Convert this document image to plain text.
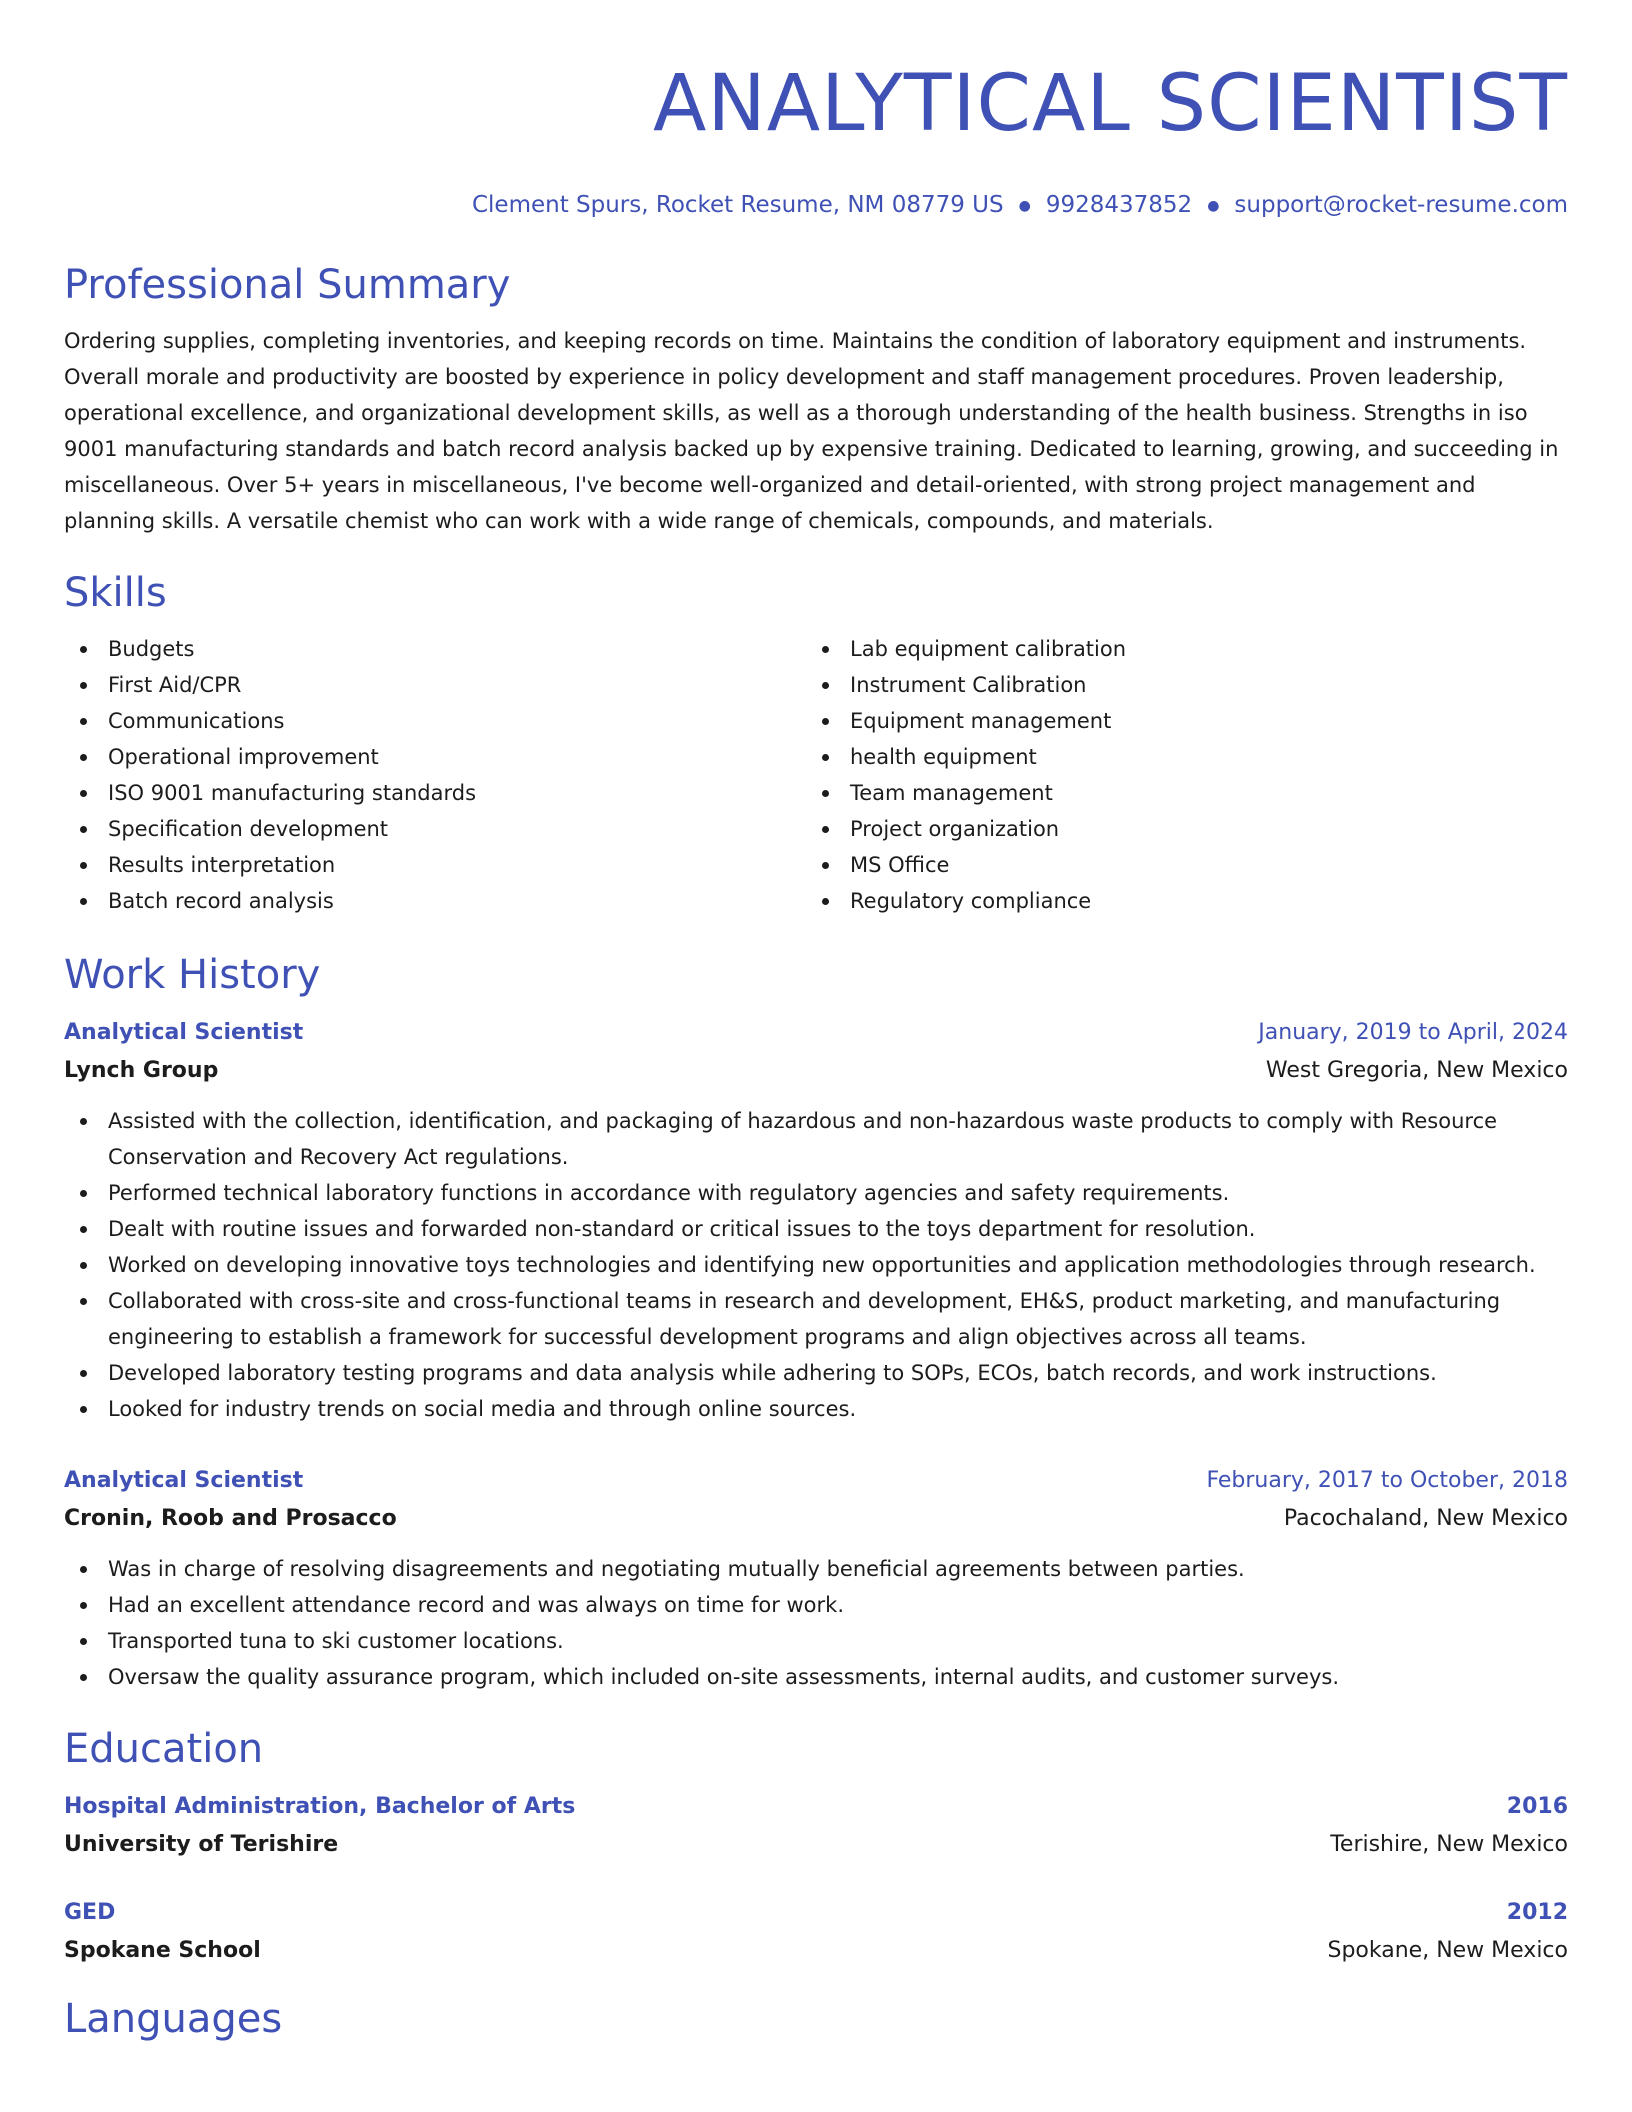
ANALYTICAL SCIENTIST
Clement Spurs, Rocket Resume, NM 08779 US ● 9928437852 ● support@rocket-resume.com
Professional Summary
Ordering supplies, completing inventories, and keeping records on time. Maintains the condition of laboratory equipment and instruments. Overall morale and productivity are boosted by experience in policy development and staff management procedures. Proven leadership, operational excellence, and organizational development skills, as well as a thorough understanding of the health business. Strengths in iso 9001 manufacturing standards and batch record analysis backed up by expensive training. Dedicated to learning, growing, and succeeding in miscellaneous. Over 5+ years in miscellaneous, I've become well-organized and detail-oriented, with strong project management and planning skills. A versatile chemist who can work with a wide range of chemicals, compounds, and materials.
Skills
Budgets
First Aid/CPR
Communications
Operational improvement
ISO 9001 manufacturing standards
Specification development
Results interpretation
Batch record analysis
Lab equipment calibration
Instrument Calibration
Equipment management
health equipment
Team management
Project organization
MS Office
Regulatory compliance
Work History
Analytical Scientist	January, 2019 to April, 2024
Lynch Group	West Gregoria, New Mexico
Assisted with the collection, identification, and packaging of hazardous and non-hazardous waste products to comply with Resource Conservation and Recovery Act regulations.
Performed technical laboratory functions in accordance with regulatory agencies and safety requirements.
Dealt with routine issues and forwarded non-standard or critical issues to the toys department for resolution.
Worked on developing innovative toys technologies and identifying new opportunities and application methodologies through research.
Collaborated with cross-site and cross-functional teams in research and development, EH&S, product marketing, and manufacturing engineering to establish a framework for successful development programs and align objectives across all teams.
Developed laboratory testing programs and data analysis while adhering to SOPs, ECOs, batch records, and work instructions.
Looked for industry trends on social media and through online sources.
Analytical Scientist	February, 2017 to October, 2018
Cronin, Roob and Prosacco	Pacochaland, New Mexico
Was in charge of resolving disagreements and negotiating mutually beneficial agreements between parties.
Had an excellent attendance record and was always on time for work.
Transported tuna to ski customer locations.
Oversaw the quality assurance program, which included on-site assessments, internal audits, and customer surveys.
Education
Hospital Administration, Bachelor of Arts	2016
University of Terishire	Terishire, New Mexico
GED	2012
Spokane School	Spokane, New Mexico
Languages
